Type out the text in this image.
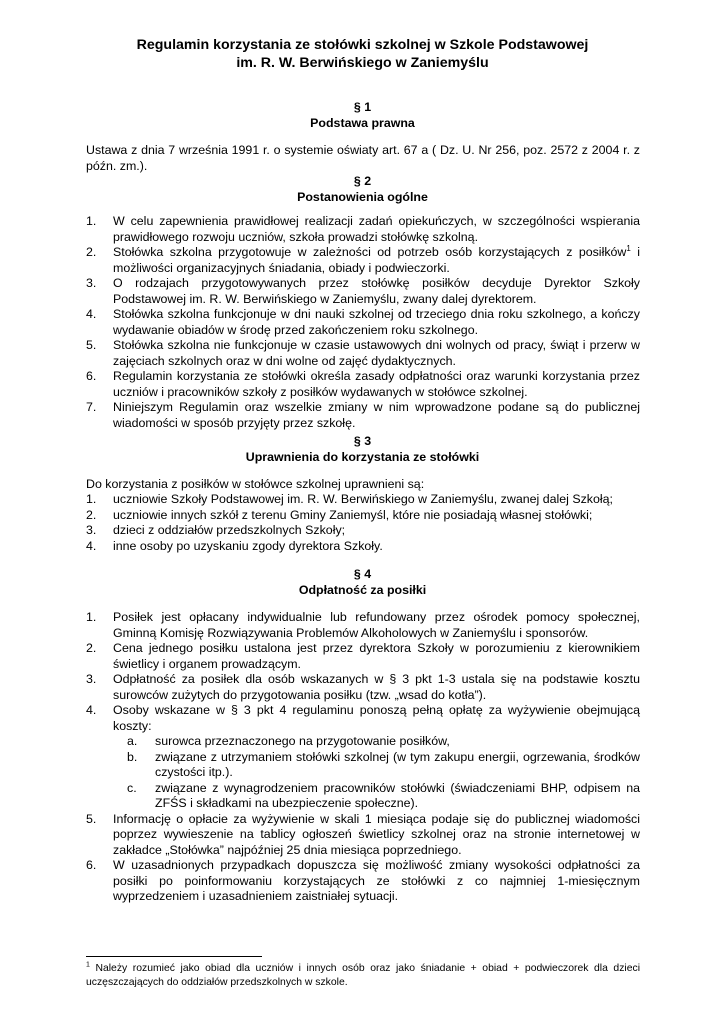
Regulamin korzystania ze stołówki szkolnej w Szkole Podstawowej
im. R. W. Berwińskiego w Zaniemyślu
§ 1
Podstawa prawna
Ustawa z dnia 7 września 1991 r. o systemie oświaty art. 67 a ( Dz. U. Nr 256, poz. 2572 z 2004 r. z późn. zm.).
§ 2
Postanowienia ogólne
1. W celu zapewnienia prawidłowej realizacji zadań opiekuńczych, w szczególności wspierania prawidłowego rozwoju uczniów, szkoła prowadzi stołówkę szkolną.
2. Stołówka szkolna przygotowuje w zależności od potrzeb osób korzystających z posiłków$^1$ i możliwości organizacyjnych śniadania, obiady i podwieczorki.
3. O rodzajach przygotowywanych przez stołówkę posiłków decyduje Dyrektor Szkoły Podstawowej im. R. W. Berwińskiego w Zaniemyślu, zwany dalej dyrektorem.
4. Stołówka szkolna funkcjonuje w dni nauki szkolnej od trzeciego dnia roku szkolnego, a kończy wydawanie obiadów w środę przed zakończeniem roku szkolnego.
5. Stołówka szkolna nie funkcjonuje w czasie ustawowych dni wolnych od pracy, świąt i przerw w zajęciach szkolnych oraz w dni wolne od zajęć dydaktycznych.
6. Regulamin korzystania ze stołówki określa zasady odpłatności oraz warunki korzystania przez uczniów i pracowników szkoły z posiłków wydawanych w stołówce szkolnej.
7. Niniejszym Regulamin oraz wszelkie zmiany w nim wprowadzone podane są do publicznej wiadomości w sposób przyjęty przez szkołę.
§ 3
Uprawnienia do korzystania ze stołówki
Do korzystania z posiłków w stołówce szkolnej uprawnieni są:
1. uczniowie Szkoły Podstawowej im. R. W. Berwińskiego w Zaniemyślu, zwanej dalej Szkołą;
2. uczniowie innych szkół z terenu Gminy Zaniemyśl, które nie posiadają własnej stołówki;
3. dzieci z oddziałów przedszkolnych Szkoły;
4. inne osoby po uzyskaniu zgody dyrektora Szkoły.
§ 4
Odpłatność za posiłki
1. Posiłek jest opłacany indywidualnie lub refundowany przez ośrodek pomocy społecznej, Gminną Komisję Rozwiązywania Problemów Alkoholowych w Zaniemyślu i sponsorów.
2. Cena jednego posiłku ustalona jest przez dyrektora Szkoły w porozumieniu z kierownikiem świetlicy i organem prowadzącym.
3. Odpłatność za posiłek dla osób wskazanych w § 3 pkt 1-3 ustala się na podstawie kosztu surowców zużytych do przygotowania posiłku (tzw. „wsad do kotła”).
4. Osoby wskazane w § 3 pkt 4 regulaminu ponoszą pełną opłatę za wyżywienie obejmującą koszty:
a. surowca przeznaczonego na przygotowanie posiłków,
b. związane z utrzymaniem stołówki szkolnej (w tym zakupu energii, ogrzewania, środków czystości itp.).
c. związane z wynagrodzeniem pracowników stołówki (świadczeniami BHP, odpisem na ZFŚS i składkami na ubezpieczenie społeczne).
5. Informację o opłacie za wyżywienie w skali 1 miesiąca podaje się do publicznej wiadomości poprzez wywieszenie na tablicy ogłoszeń świetlicy szkolnej oraz na stronie internetowej w zakładce „Stołówka” najpóźniej 25 dnia miesiąca poprzedniego.
6. W uzasadnionych przypadkach dopuszcza się możliwość zmiany wysokości odpłatności za posiłki po poinformowaniu korzystających ze stołówki z co najmniej 1-miesięcznym wyprzedzeniem i uzasadnieniem zaistniałej sytuacji.
$^1$ Należy rozumieć jako obiad dla uczniów i innych osób oraz jako śniadanie + obiad + podwieczorek dla dzieci uczęszczających do oddziałów przedszkolnych w szkole.
